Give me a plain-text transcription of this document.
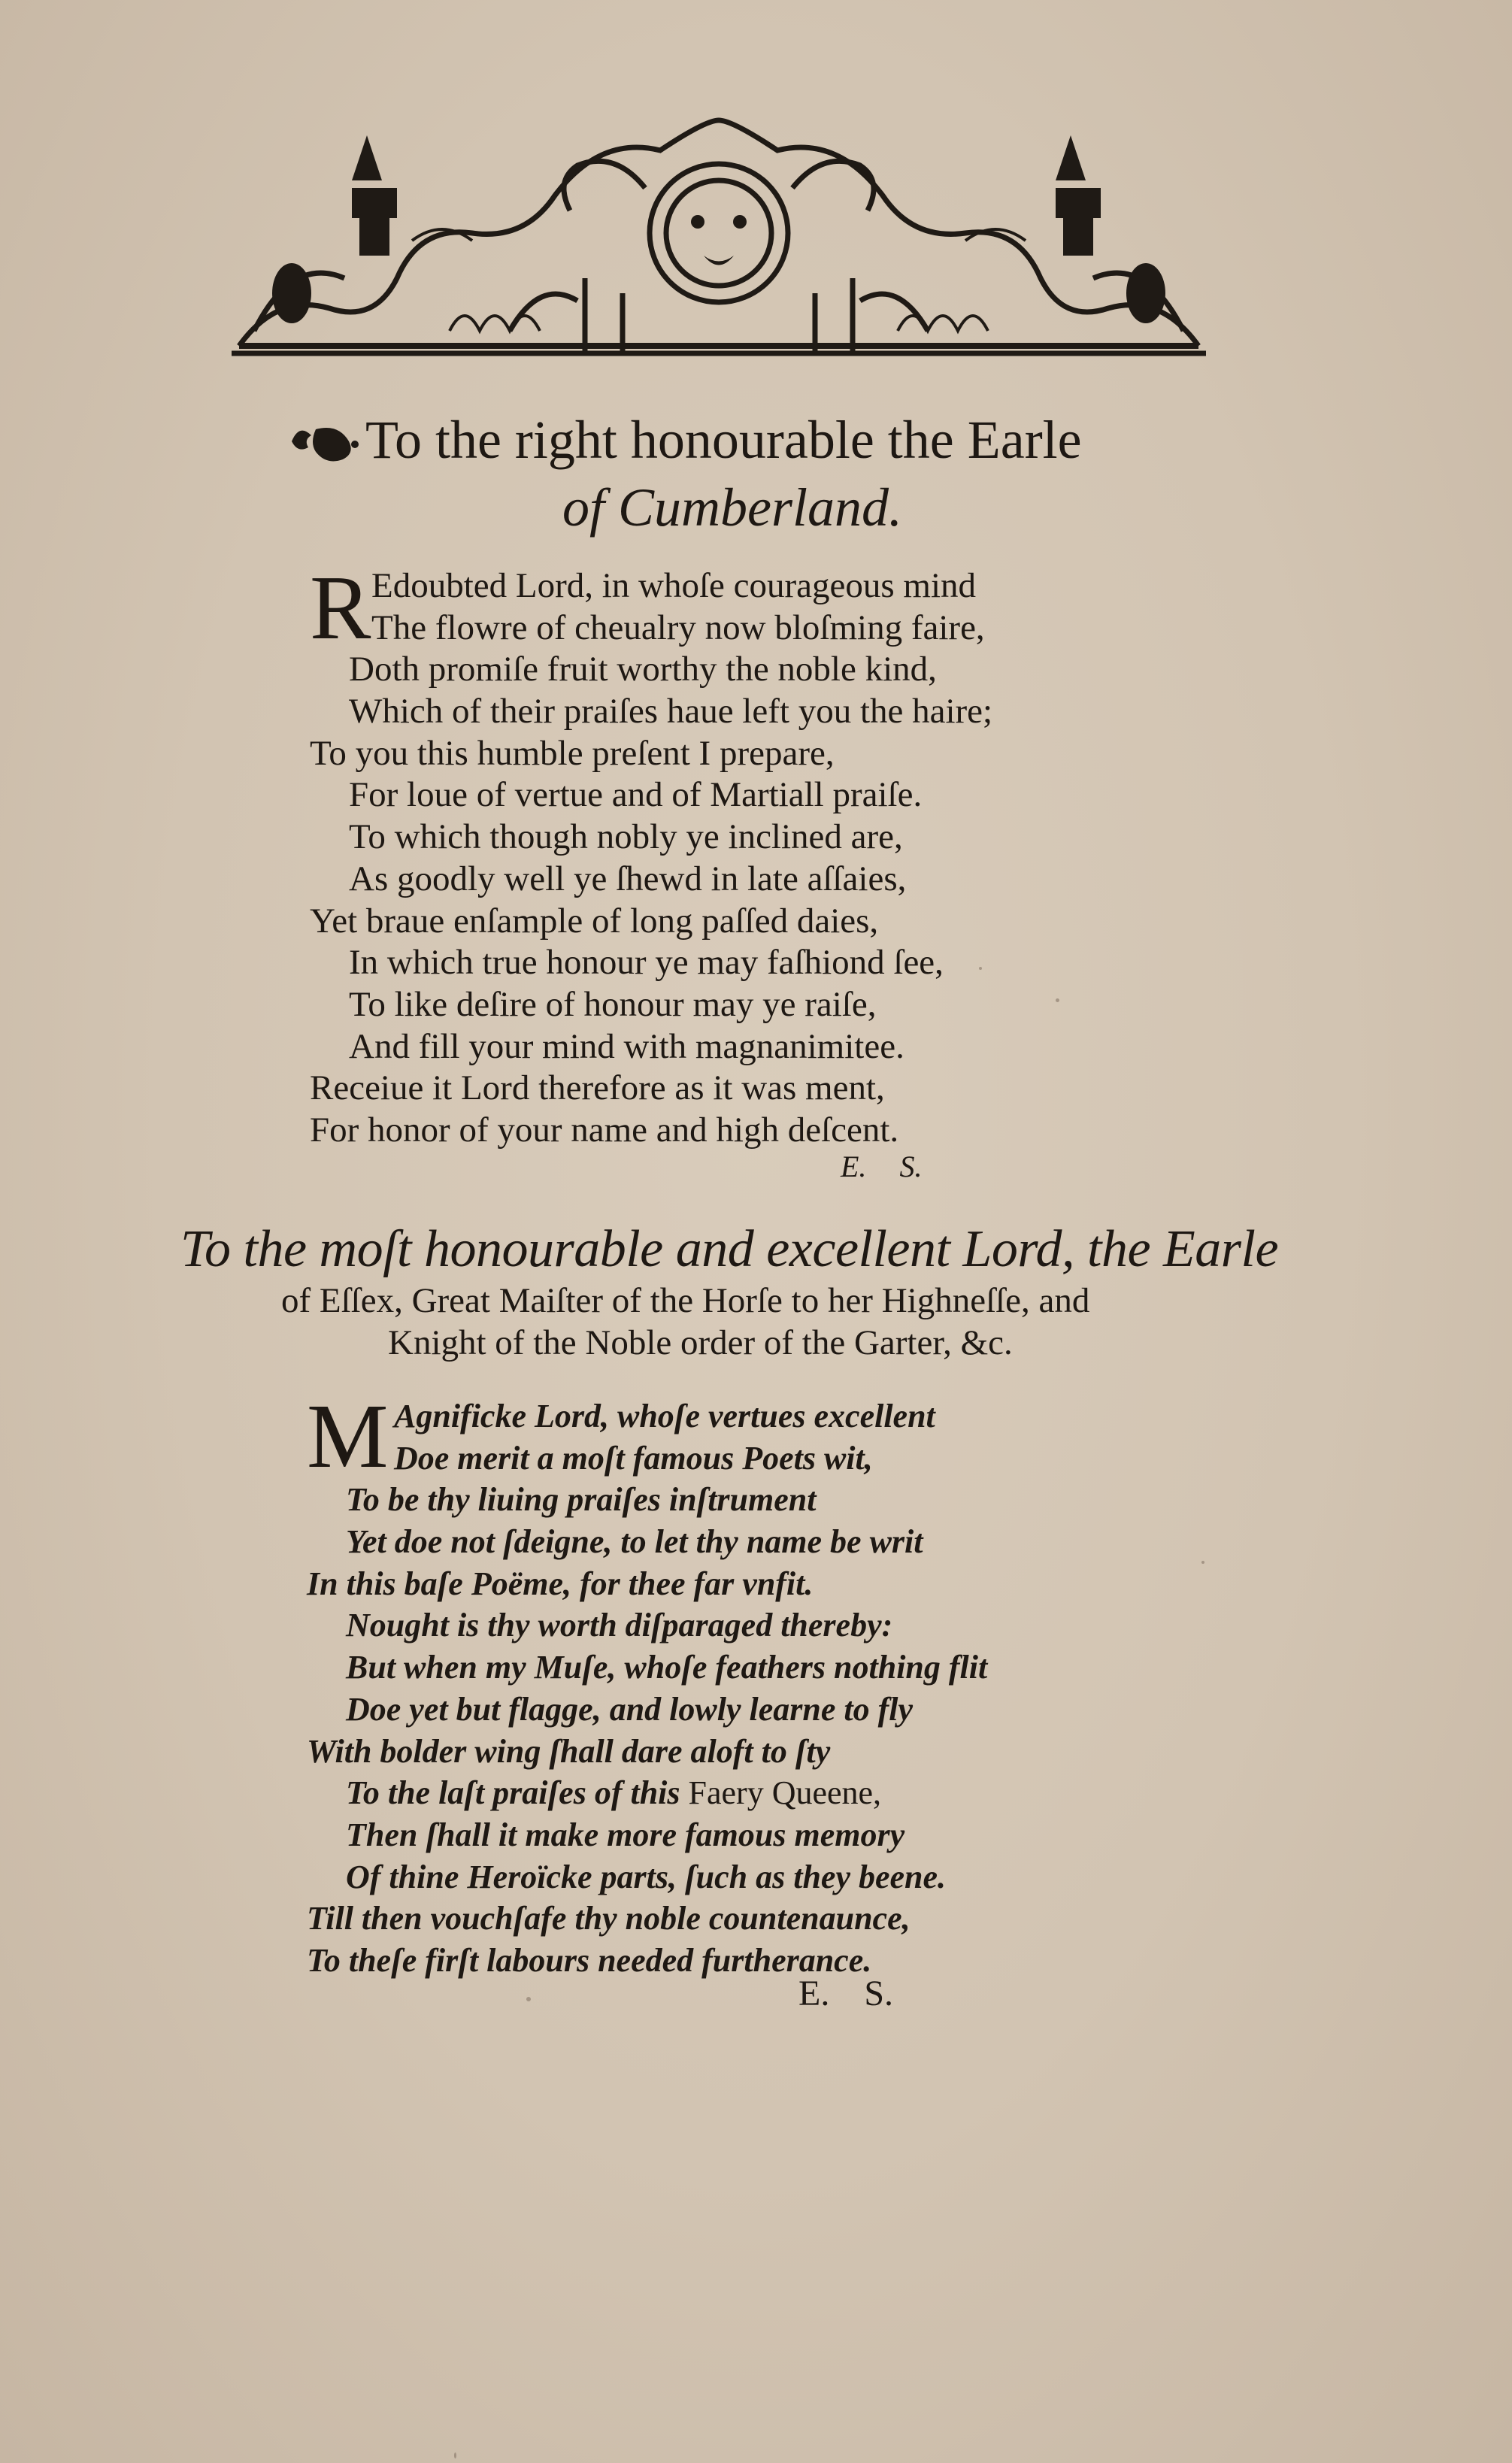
To the right honourable the Earle
of Cumberland.
R Edoubted Lord, in whoſe courageous mind
The flowre of cheualry now bloſming faire,
Doth promiſe fruit worthy the noble kind,
Which of their praiſes haue left you the haire;
To you this humble preſent I prepare,
For loue of vertue and of Martiall praiſe.
To which though nobly ye inclined are,
As goodly well ye ſhewd in late aſſaies,
Yet braue enſample of long paſſed daies,
In which true honour ye may faſhiond ſee,
To like deſire of honour may ye raiſe,
And fill your mind with magnanimitee.
Receiue it Lord therefore as it was ment,
For honor of your name and high deſcent.
E. S.
To the moſt honourable and excellent Lord, the Earle
of Eſſex, Great Maiſter of the Horſe to her Highneſſe, and
Knight of the Noble order of the Garter, &c.
M Agnificke Lord, whoſe vertues excellent
Doe merit a moſt famous Poets wit,
To be thy liuing praiſes inſtrument
Yet doe not ſdeigne, to let thy name be writ
In this baſe Poëme, for thee far vnfit.
Nought is thy worth diſparaged thereby:
But when my Muſe, whoſe feathers nothing flit
Doe yet but flagge, and lowly learne to fly
With bolder wing ſhall dare aloft to ſty
To the laſt praiſes of this Faery Queene,
Then ſhall it make more famous memory
Of thine Heroïcke parts, ſuch as they beene.
Till then vouchſafe thy noble countenaunce,
To theſe firſt labours needed furtherance.
E. S.
